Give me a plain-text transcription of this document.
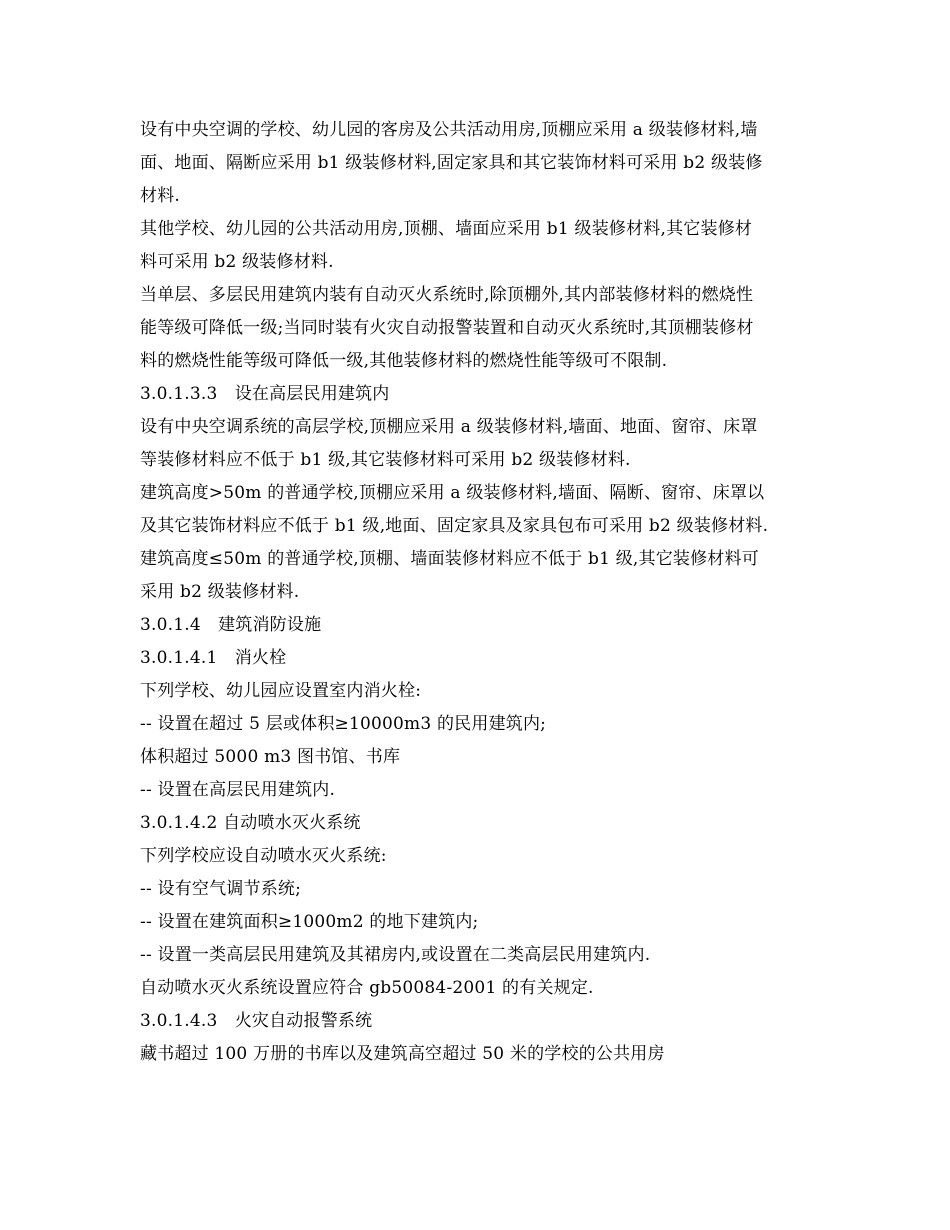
设有中央空调的学校、幼儿园的客房及公共活动用房,顶棚应采用 a 级装修材料,墙
面、地面、隔断应采用 b1 级装修材料,固定家具和其它装饰材料可采用 b2 级装修
材料.
其他学校、幼儿园的公共活动用房,顶棚、墙面应采用 b1 级装修材料,其它装修材
料可采用 b2 级装修材料.
当单层、多层民用建筑内装有自动灭火系统时,除顶棚外,其内部装修材料的燃烧性
能等级可降低一级;当同时装有火灾自动报警装置和自动灭火系统时,其顶棚装修材
料的燃烧性能等级可降低一级,其他装修材料的燃烧性能等级可不限制.
3.0.1.3.3　设在高层民用建筑内
设有中央空调系统的高层学校,顶棚应采用 a 级装修材料,墙面、地面、窗帘、床罩
等装修材料应不低于 b1 级,其它装修材料可采用 b2 级装修材料.
建筑高度>50m 的普通学校,顶棚应采用 a 级装修材料,墙面、隔断、窗帘、床罩以
及其它装饰材料应不低于 b1 级,地面、固定家具及家具包布可采用 b2 级装修材料.
建筑高度≤50m 的普通学校,顶棚、墙面装修材料应不低于 b1 级,其它装修材料可
采用 b2 级装修材料.
3.0.1.4　建筑消防设施
3.0.1.4.1　消火栓
下列学校、幼儿园应设置室内消火栓:
-- 设置在超过 5 层或体积≥10000m3 的民用建筑内;
体积超过 5000 m3 图书馆、书库
-- 设置在高层民用建筑内.
3.0.1.4.2 自动喷水灭火系统
下列学校应设自动喷水灭火系统:
-- 设有空气调节系统;
-- 设置在建筑面积≥1000m2 的地下建筑内;
-- 设置一类高层民用建筑及其裙房内,或设置在二类高层民用建筑内.
自动喷水灭火系统设置应符合 gb50084-2001 的有关规定.
3.0.1.4.3　火灾自动报警系统
藏书超过 100 万册的书库以及建筑高空超过 50 米的学校的公共用房
